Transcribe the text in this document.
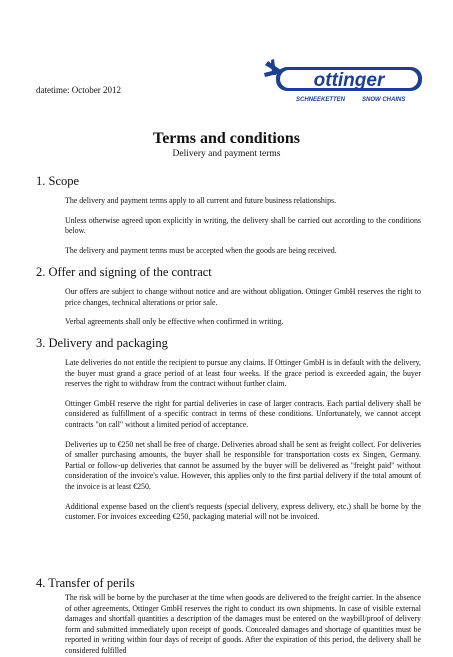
datetime: October 2012	ottinger
SCHNEEKETTEN	SNOW CHAINS
Terms and conditions
Delivery and payment terms
1. Scope

The delivery and payment terms apply to all current and future business relationships.

Unless otherwise agreed upon explicitly in writing, the delivery shall be carried out according to the conditions below.

The delivery and payment terms must be accepted when the goods are being received.

2. Offer and signing of the contract

Our offers are subject to change without notice and are without obligation. Ottinger GmbH reserves the right to price changes, technical alterations or prior sale.

Verbal agreements shall only be effective when confirmed in writing.

3. Delivery and packaging

Late deliveries do not entitle the recipient to pursue any claims. If Ottinger GmbH is in default with the delivery, the buyer must grand a grace period of at least four weeks. If the grace period is exceeded again, the buyer reserves the right to withdraw from the contract without further claim.

Ottinger GmbH reserve the right for partial deliveries in case of larger contracts. Each partial delivery shall be considered as fulfillment of a specific contract in terms of these conditions. Unfortunately, we cannot accept contracts "on call" without a limited period of acceptance.

Deliveries up to €250 net shall be free of charge. Deliveries abroad shall be sent as freight collect. For deliveries of smaller purchasing amounts, the buyer shall be responsible for transportation costs ex Singen, Germany. Partial or follow-up deliveries that cannot be assumed by the buyer will be delivered as "freight paid" without consideration of the invoice's value. However, this applies only to the first partial delivery if the total amount of the invoice is at least €250.

Additional expense based on the client's requests (special delivery, express delivery, etc.) shall be borne by the customer. For invoices exceeding €250, packaging material will not be invoiced.

4. Transfer of perils

The risk will be borne by the purchaser at the time when goods are delivered to the freight carrier. In the absence of other agreements, Ottinger GmbH reserves the right to conduct its own shipments. In case of visible external damages and shortfall quantities a description of the damages must be entered on the waybill/proof of delivery form and submitted immediately upon receipt of goods. Concealed damages and shortage of quantities must be reported in writing within four days of receipt of goods. After the expiration of this period, the delivery shall be considered fulfilled
